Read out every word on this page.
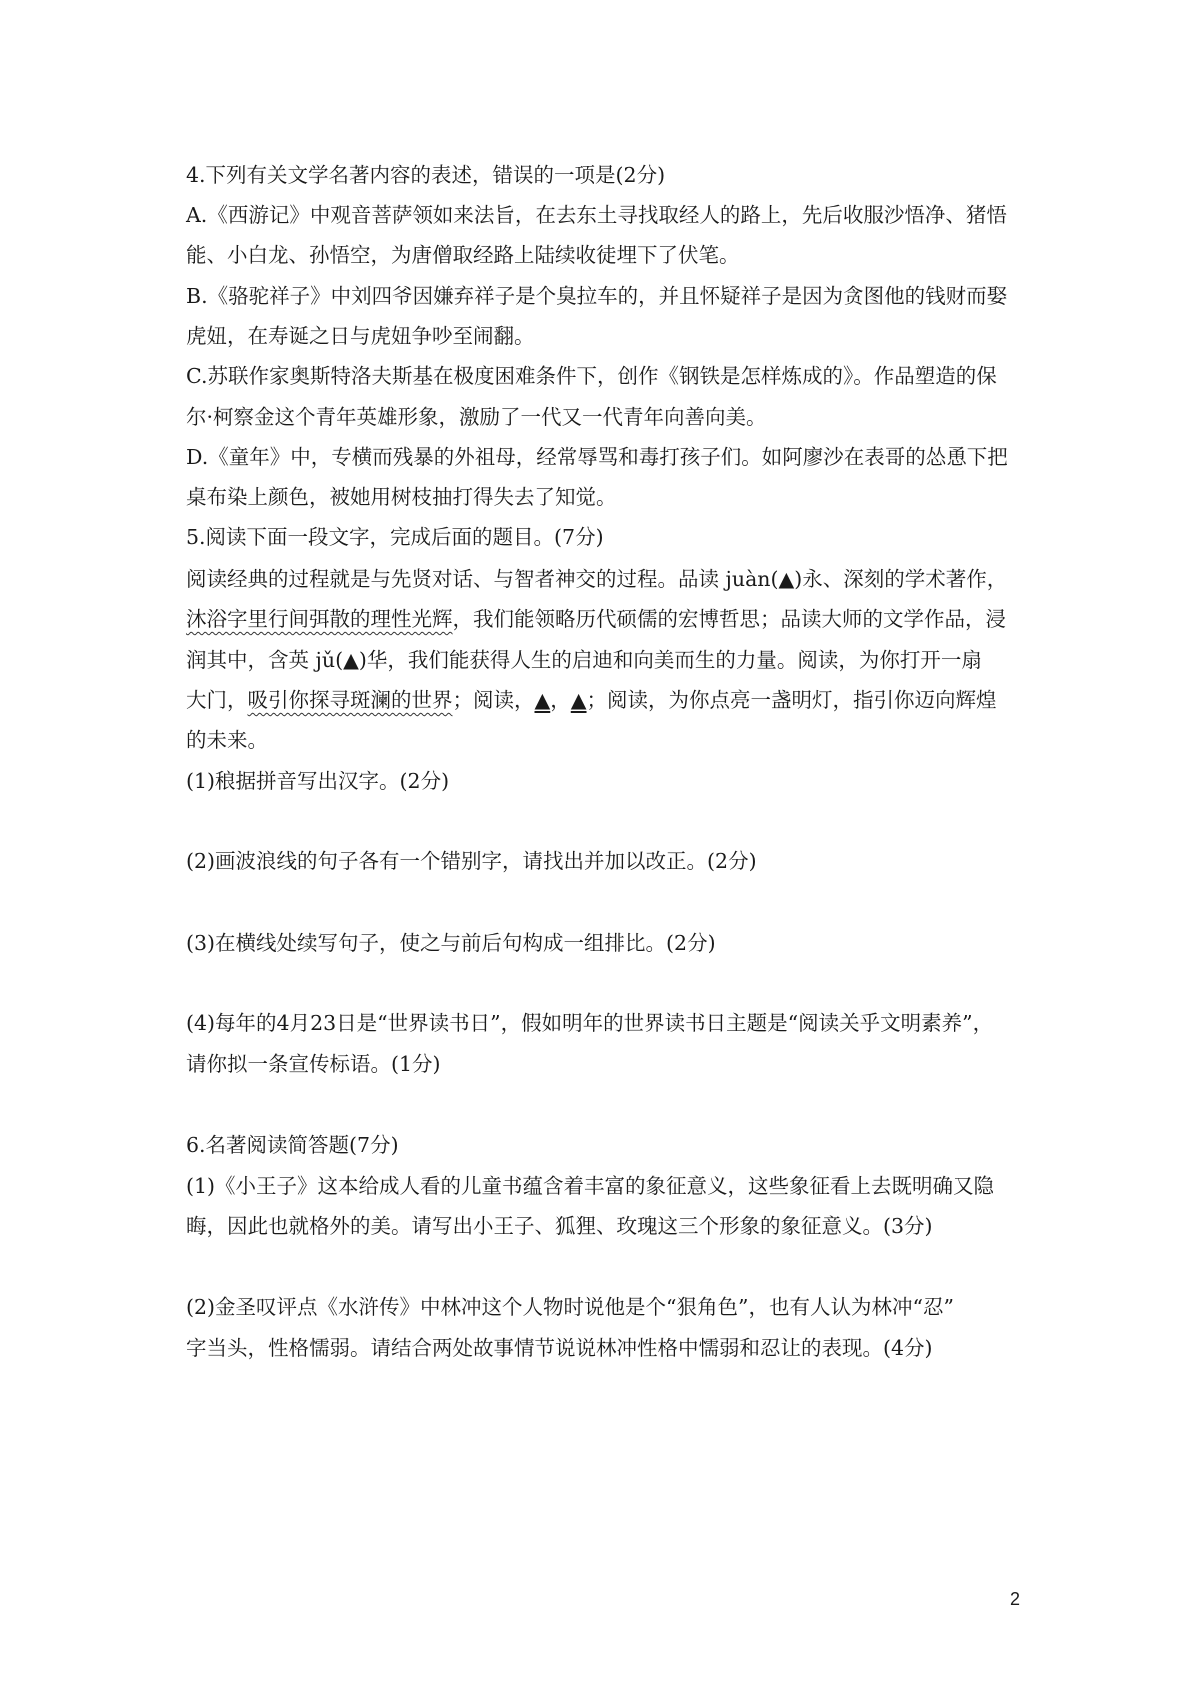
4.下列有关文学名著内容的表述，错误的一项是(2分)
A.《西游记》中观音菩萨领如来法旨，在去东土寻找取经人的路上，先后收服沙悟净、猪悟
能、小白龙、孙悟空，为唐僧取经路上陆续收徒埋下了伏笔。
B.《骆驼祥子》中刘四爷因嫌弃祥子是个臭拉车的，并且怀疑祥子是因为贪图他的钱财而娶
虎妞，在寿诞之日与虎妞争吵至闹翻。
C.苏联作家奥斯特洛夫斯基在极度困难条件下，创作《钢铁是怎样炼成的》。作品塑造的保
尔·柯察金这个青年英雄形象，激励了一代又一代青年向善向美。
D.《童年》中，专横而残暴的外祖母，经常辱骂和毒打孩子们。如阿廖沙在表哥的怂恿下把
桌布染上颜色，被她用树枝抽打得失去了知觉。
5.阅读下面一段文字，完成后面的题目。(7分)
阅读经典的过程就是与先贤对话、与智者神交的过程。品读 juàn(▲)永、深刻的学术著作，
沐浴字里行间弭散的理性光辉，我们能领略历代硕儒的宏博哲思；品读大师的文学作品，浸
润其中，含英 jǔ(▲)华，我们能获得人生的启迪和向美而生的力量。阅读，为你打开一扇
大门，吸引你探寻斑澜的世界；阅读，▲，▲；阅读，为你点亮一盏明灯，指引你迈向辉煌
的未来。
(1)稂据拼音写出汉字。(2分)
(2)画波浪线的句子各有一个错别字，请找出并加以改正。(2分)
(3)在横线处续写句子，使之与前后句构成一组排比。(2分)
(4)每年的4月23日是“世界读书日”，假如明年的世界读书日主题是“阅读关乎文明素养”，
请你拟一条宣传标语。(1分)
6.名著阅读简答题(7分)
(1)《小王子》这本给成人看的儿童书蕴含着丰富的象征意义，这些象征看上去既明确又隐
晦，因此也就格外的美。请写出小王子、狐狸、玫瑰这三个形象的象征意义。(3分)
(2)金圣叹评点《水浒传》中林冲这个人物时说他是个“狠角色”，也有人认为林冲“忍”
字当头，性格懦弱。请结合两处故事情节说说林冲性格中懦弱和忍让的表现。(4分)
2
